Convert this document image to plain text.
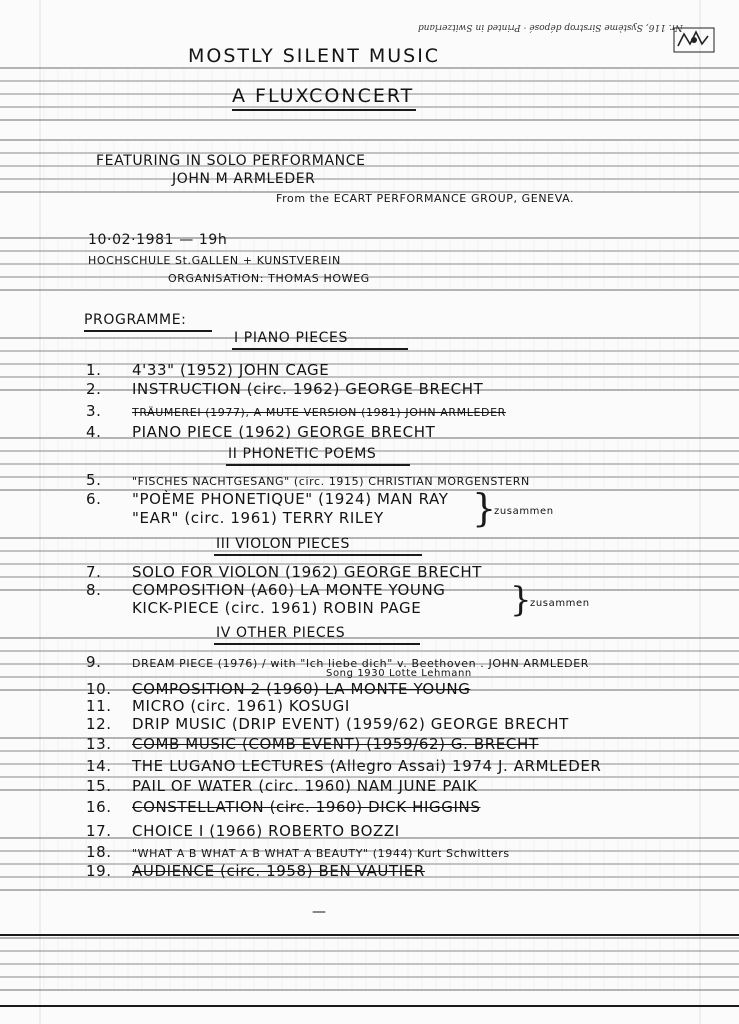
Nr. 116, Système Sirstrop déposé · Printed in Switzerland
MOSTLY SILENT MUSIC
A FLUXCONCERT
FEATURING IN SOLO PERFORMANCE
JOHN M ARMLEDER
From the ECART PERFORMANCE GROUP, GENEVA.
10·02·1981 — 19h
HOCHSCHULE St.GALLEN + KUNSTVEREIN
ORGANISATION: THOMAS HOWEG
PROGRAMME:
I PIANO PIECES
1. 4'33" (1952) JOHN CAGE
2. INSTRUCTION (circ. 1962) GEORGE BRECHT
3.	TRÄUMEREI (1977), A MUTE VERSION (1981) JOHN ARMLEDER
4. PIANO PIECE (1962) GEORGE BRECHT
II PHONETIC POEMS
5.	"FISCHES NACHTGESANG" (circ. 1915) CHRISTIAN MORGENSTERN
6. "POÈME PHONETIQUE" (1924) MAN RAY
"EAR" (circ. 1961) TERRY RILEY }
zusammen
III VIOLON PIECES
7. SOLO FOR VIOLON (1962) GEORGE BRECHT
8. COMPOSITION (A60) LA MONTE YOUNG
KICK-PIECE (circ. 1961) ROBIN PAGE	}
zusammen
IV OTHER PIECES
9.	DREAM PIECE (1976) / with "Ich liebe dich" v. Beethoven . JOHN ARMLEDER
Song 1930 Lotte Lehmann
10. COMPOSITION 2 (1960) LA MONTE YOUNG
11. MICRO (circ. 1961) KOSUGI
12. DRIP MUSIC (DRIP EVENT) (1959/62) GEORGE BRECHT
13. COMB MUSIC (COMB EVENT) (1959/62) G. BRECHT
14. THE LUGANO LECTURES (Allegro Assai) 1974 J. ARMLEDER
15. PAIL OF WATER (circ. 1960) NAM JUNE PAIK
16. CONSTELLATION (circ. 1960) DICK HIGGINS
17. CHOICE I (1966) ROBERTO BOZZI
18. "WHAT A B WHAT A B WHAT A BEAUTY" (1944) Kurt Schwitters
19. AUDIENCE (circ. 1958) BEN VAUTIER
—
